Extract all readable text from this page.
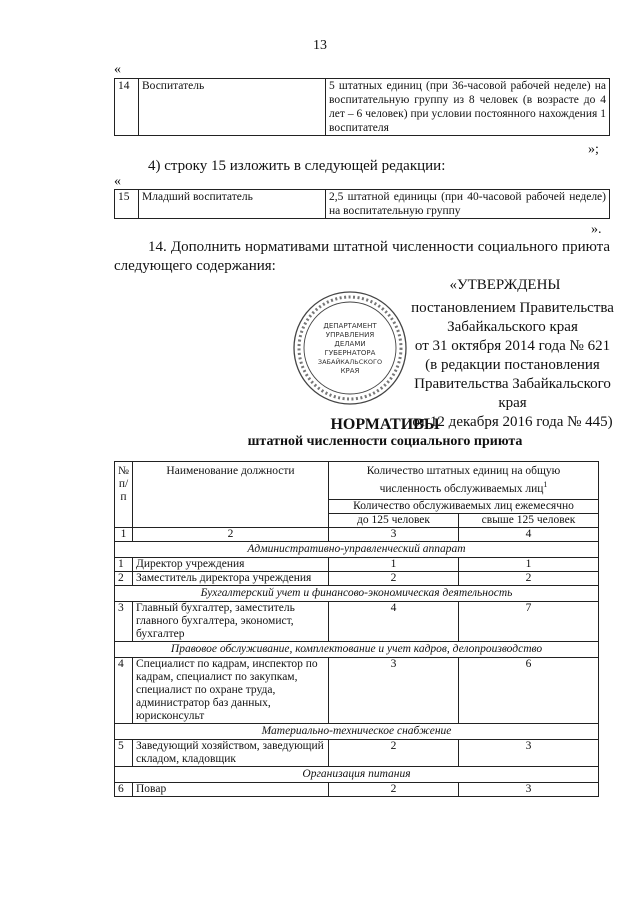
13
«
14	Воспитатель	5 штатных единиц (при 36-часовой рабочей неделе) на воспитательную группу из 8 человек (в возрасте до 4 лет – 6 человек) при условии постоянного нахождения 1 воспитателя
»;
4) строку 15 изложить в следующей редакции:
«
15	Младший воспитатель	2,5 штатной единицы (при 40-часовой рабочей неделе) на воспитательную группу
».
14. Дополнить нормативами штатной численности социального приюта следующего содержания:
«УТВЕРЖДЕНЫ
постановлением Правительства
Забайкальского края
от 31 октября 2014 года № 621
(в редакции постановления
Правительства Забайкальского края
от 12 декабря 2016 года № 445)
ДЕПАРТАМЕНТ
УПРАВЛЕНИЯ
ДЕЛАМИ
ГУБЕРНАТОРА
ЗАБАЙКАЛЬСКОГО
КРАЯ
НОРМАТИВЫ
штатной численности социального приюта
№ п/п	Наименование должности	Количество штатных единиц на общую численность обслуживаемых лиц$^1$
		Количество обслуживаемых лиц ежемесячно	
		до 125 человек	свыше 125 человек
1	2	3	4
Административно-управленческий аппарат			
1	Директор учреждения	1	1
2	Заместитель директора учреждения	2	2
Бухгалтерский учет и финансово-экономическая деятельность			
3	Главный бухгалтер, заместитель главного бухгалтера, экономист, бухгалтер	4	7
Правовое обслуживание, комплектование и учет кадров, делопроизводство			
4	Специалист по кадрам, инспектор по кадрам, специалист по закупкам, специалист по охране труда, администратор баз данных, юрисконсульт	3	6
Материально-техническое снабжение			
5	Заведующий хозяйством, заведующий складом, кладовщик	2	3
Организация питания			
6	Повар	2	3
